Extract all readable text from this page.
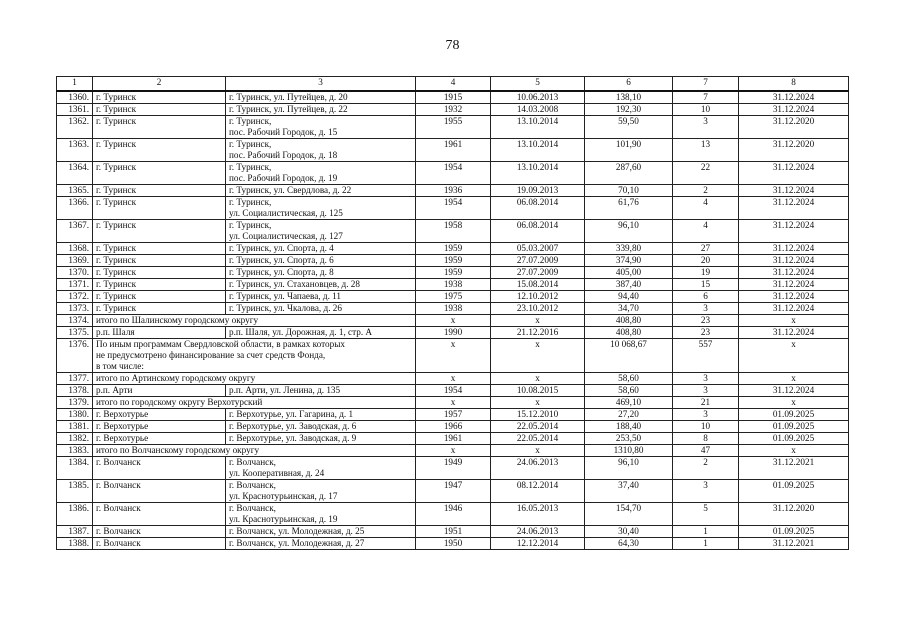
78
1	2	3	4	5	6	7	8
1360.	г. Туринск	г. Туринск, ул. Путейцев, д. 20	1915	10.06.2013	138,10	7	31.12.2024
1361.	г. Туринск	г. Туринск, ул. Путейцев, д. 22	1932	14.03.2008	192,30	10	31.12.2024
1362.	г. Туринск	г. Туринск,
пос. Рабочий Городок, д. 15	1955	13.10.2014	59,50	3	31.12.2020
1363.	г. Туринск	г. Туринск,
пос. Рабочий Городок, д. 18	1961	13.10.2014	101,90	13	31.12.2020
1364.	г. Туринск	г. Туринск,
пос. Рабочий Городок, д. 19	1954	13.10.2014	287,60	22	31.12.2024
1365.	г. Туринск	г. Туринск, ул. Свердлова, д. 22	1936	19.09.2013	70,10	2	31.12.2024
1366.	г. Туринск	г. Туринск,
ул. Социалистическая, д. 125	1954	06.08.2014	61,76	4	31.12.2024
1367.	г. Туринск	г. Туринск,
ул. Социалистическая, д. 127	1958	06.08.2014	96,10	4	31.12.2024
1368.	г. Туринск	г. Туринск, ул. Спорта, д. 4	1959	05.03.2007	339,80	27	31.12.2024
1369.	г. Туринск	г. Туринск, ул. Спорта, д. 6	1959	27.07.2009	374,90	20	31.12.2024
1370.	г. Туринск	г. Туринск, ул. Спорта, д. 8	1959	27.07.2009	405,00	19	31.12.2024
1371.	г. Туринск	г. Туринск, ул. Стахановцев, д. 28	1938	15.08.2014	387,40	15	31.12.2024
1372.	г. Туринск	г. Туринск, ул. Чапаева, д. 11	1975	12.10.2012	94,40	6	31.12.2024
1373.	г. Туринск	г. Туринск, ул. Чкалова, д. 26	1938	23.10.2012	34,70	3	31.12.2024
1374.	итого по Шалинскому городскому округу		x	x	408,80	23	x
1375.	р.п. Шаля	р.п. Шаля, ул. Дорожная, д. 1, стр. А	1990	21.12.2016	408,80	23	31.12.2024
1376.	По иным программам Свердловской области, в рамках которых
не предусмотрено финансирование за счет средств Фонда,
в том числе:		x	x	10 068,67	557	x
1377.	итого по Артинскому городскому округу		x	x	58,60	3	x
1378.	р.п. Арти	р.п. Арти, ул. Ленина, д. 135	1954	10.08.2015	58,60	3	31.12.2024
1379.	итого по городскому округу Верхотурский		x	x	469,10	21	x
1380.	г. Верхотурье	г. Верхотурье, ул. Гагарина, д. 1	1957	15.12.2010	27,20	3	01.09.2025
1381.	г. Верхотурье	г. Верхотурье, ул. Заводская, д. 6	1966	22.05.2014	188,40	10	01.09.2025
1382.	г. Верхотурье	г. Верхотурье, ул. Заводская, д. 9	1961	22.05.2014	253,50	8	01.09.2025
1383.	итого по Волчанскому городскому округу		x	x	1310,80	47	x
1384.	г. Волчанск	г. Волчанск,
ул. Кооперативная, д. 24	1949	24.06.2013	96,10	2	31.12.2021
1385.	г. Волчанск	г. Волчанск,
ул. Краснотурьинская, д. 17	1947	08.12.2014	37,40	3	01.09.2025
1386.	г. Волчанск	г. Волчанск,
ул. Краснотурьинская, д. 19	1946	16.05.2013	154,70	5	31.12.2020
1387.	г. Волчанск	г. Волчанск, ул. Молодежная, д. 25	1951	24.06.2013	30,40	1	01.09.2025
1388.	г. Волчанск	г. Волчанск, ул. Молодежная, д. 27	1950	12.12.2014	64,30	1	31.12.2021
